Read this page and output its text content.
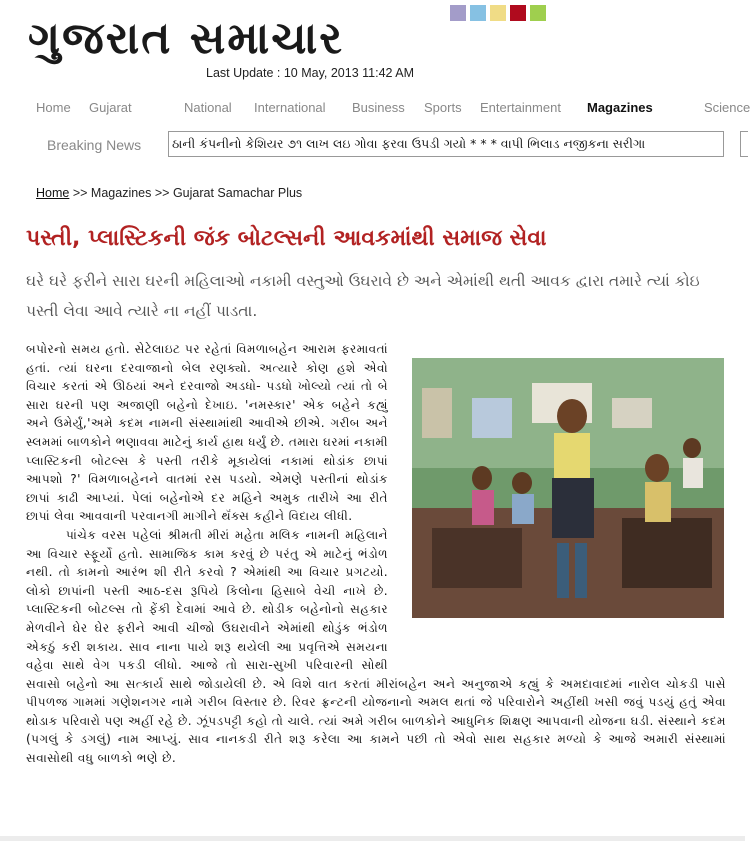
ગુજરાત સમાચાર
Last Update : 10 May, 2013 11:42 AM
Home Gujarat	National International Business Sports Entertainment Magazines	Science
Breaking News	ઠાની કંપનીનો કેશિયર ૭૧ લાખ લઇ ગોવા ફરવા ઉપડી ગયો * * * વાપી ભિલાડ નજીકના સરીગા
Home >> Magazines >> Gujarat Samachar Plus
પસ્તી, પ્લાસ્ટિકની જંક બોટલ્સની આવકમાંથી સમાજ સેવા
ઘરે ઘરે ફરીને સારા ઘરની મહિલાઓ નકામી વસ્તુઓ ઉઘરાવે છે અને એમાંથી થતી આવક દ્વારા તમારે ત્યાં કોઇ પસ્તી લેવા આવે ત્યારે ના નહીં પાડતા.

બપોરનો સમય હતો. સેટેલાઇટ પર રહેતાં વિમળાબહેન આરામ ફરમાવતાં હતાં. ત્યાં ઘરના દરવાજાનો બેલ રણક્યો. અત્યારે કોણ હશે એવો વિચાર કરતાં એ ઊઠયાં અને દરવાજો અડધો- પડધો ખોલ્યો ત્યાં તો બે સારા ઘરની પણ અજાણી બહેનો દેખાઇ. 'નમસ્કાર' એક બહેને કહ્યું અને ઉમેર્યું,'અમે કદમ નામની સંસ્થામાંથી આવીએ છીએ. ગરીબ અને સ્લમમાં બાળકોને ભણાવવા માટેનું કાર્ય હાથ ધર્યું છે. તમારા ઘરમાં નકામી પ્લાસ્ટિકની બોટલ્સ કે પસ્તી તરીકે મૂકાયેલાં નકામાં થોડાંક છાપાં આપશો ?' વિમળાબહેનને વાતમાં રસ પડયો. એમણે પસ્તીનાં થોડાંક છાપાં કાઢી આપ્યાં. પેલાં બહેનોએ દર મહિને અમુક તારીખે આ રીતે છાપાં લેવા આવવાની પરવાનગી માગીને થૅંક્સ કહીને વિદાય લીધી.

પાંચેક વરસ પહેલાં શ્રીમતી મીરાં મહેતા મલિક નામની મહિલાને આ વિચાર સ્ફૂર્યો હતો. સામાજિક કામ કરવું છે પરંતુ એ માટેનું ભંડોળ નથી. તો કામનો આરંભ શી રીતે કરવો ? એમાંથી આ વિચાર પ્રગટયો. લોકો છાપાંની પસ્તી આઠ-દસ રૂપિયે કિલોના હિસાબે વેચી નાખે છે. પ્લાસ્ટિકની બોટલ્સ તો ફેંકી દેવામાં આવે છે. થોડીક બહેનોનો સહકાર મેળવીને ઘેર ઘેર ફરીને આવી ચીજો ઉઘરાવીને એમાંથી થોડુંક ભંડોળ એકઠું કરી શકાય. સાવ નાના પાયે શરૂ થયેલી આ પ્રવૃત્તિએ સમયના વહેવા સાથે વેગ પકડી લીધો. આજે તો સારા-સુખી પરિવારની સોથી સવાસો બહેનો આ સત્કાર્ય સાથે જોડાયેલી છે. એ વિશે વાત કરતાં મીરાંબહેન અને અનુજાએ કહ્યું કે અમદાવાદમાં નારોલ ચોકડી પાસે પીપળજ ગામમાં ગણેશનગર નામે ગરીબ વિસ્તાર છે. રિવર ફ્રન્ટની યોજનાનો અમલ થતાં જે પરિવારોને અહીંથી ખસી જવું પડયું હતું એવા થોડાક પરિવારો પણ અહીં રહે છે. ઝૂંપડપટ્ટી કહો તો ચાલે. ત્યાં અમે ગરીબ બાળકોને આધુનિક શિક્ષણ આપવાની યોજના ઘડી. સંસ્થાને કદમ (પગલું કે ડગલું) નામ આપ્યું. સાવ નાનકડી રીતે શરૂ કરેલા આ કામને પછી તો એવો સાથ સહકાર મળ્યો કે આજે અમારી સંસ્થામાં સવાસોથી વધુ બાળકો ભણે છે.
